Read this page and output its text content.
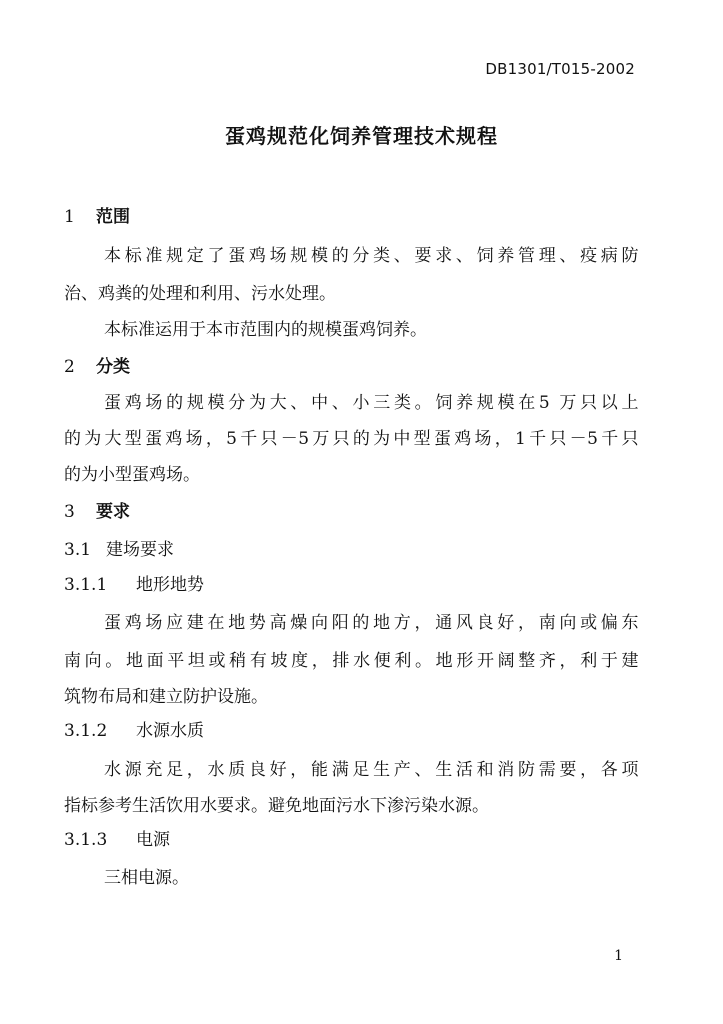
DB1301/T015-2002
蛋鸡规范化饲养管理技术规程
1 范围
本标准规定了蛋鸡场规模的分类、要求、饲养管理、疫病防
治、鸡粪的处理和利用、污水处理。
本标准运用于本市范围内的规模蛋鸡饲养。
2 分类
蛋鸡场的规模分为大、中、小三类。饲养规模在5 万只以上
的为大型蛋鸡场，5千只－5万只的为中型蛋鸡场，1千只－5千只
的为小型蛋鸡场。
3 要求
3.1 建场要求
3.1.1 地形地势
蛋鸡场应建在地势高燥向阳的地方，通风良好，南向或偏东
南向。地面平坦或稍有坡度，排水便利。地形开阔整齐，利于建
筑物布局和建立防护设施。
3.1.2 水源水质
水源充足，水质良好，能满足生产、生活和消防需要，各项
指标参考生活饮用水要求。避免地面污水下渗污染水源。
3.1.3 电源
三相电源。
1
